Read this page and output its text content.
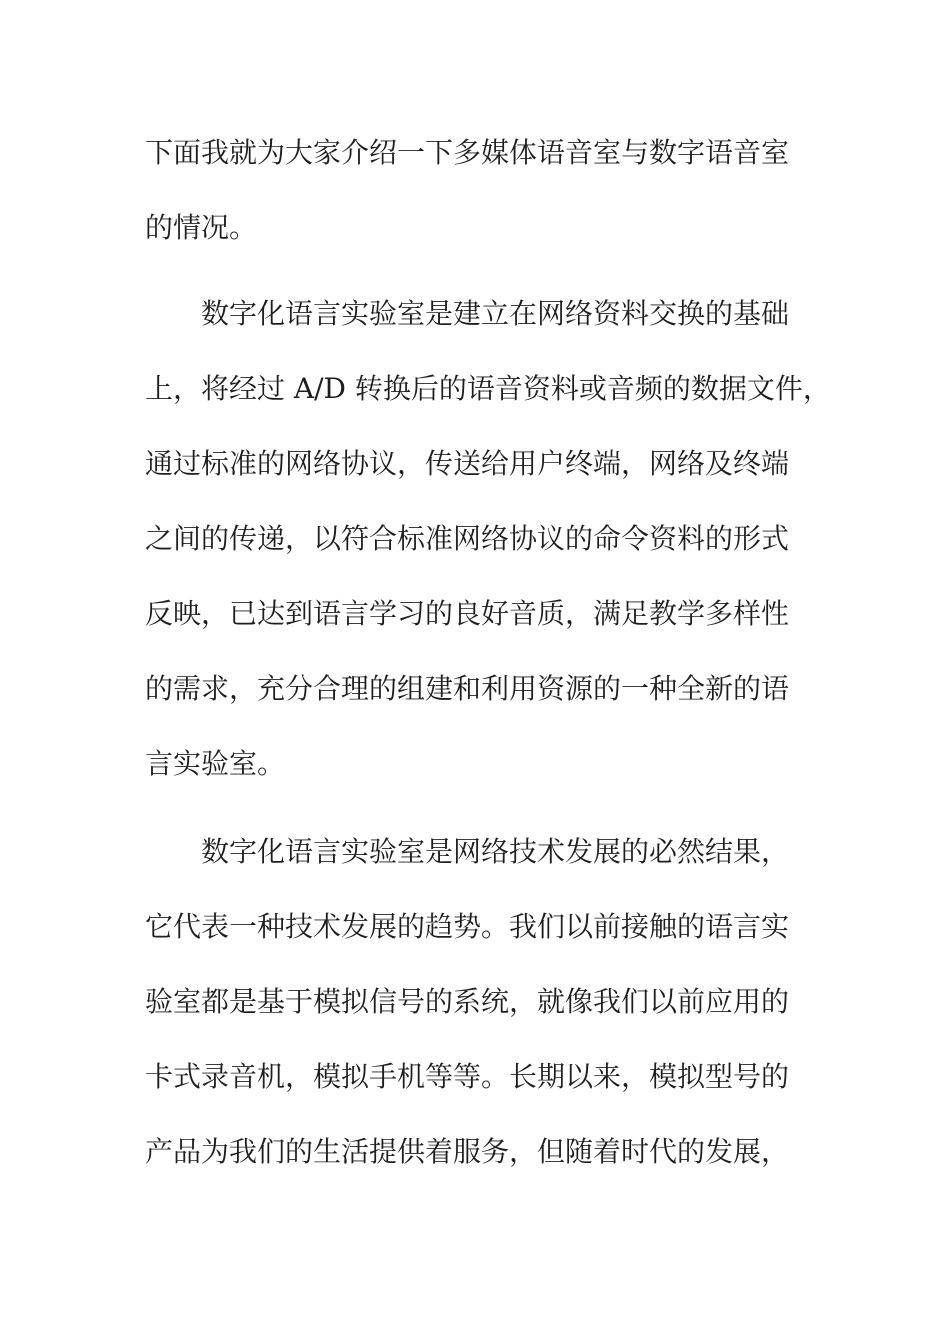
下面我就为大家介绍一下多媒体语音室与数字语音室
的情况。
数字化语言实验室是建立在网络资料交换的基础
上，将经过 A/D 转换后的语音资料或音频的数据文件，
通过标准的网络协议，传送给用户终端，网络及终端
之间的传递，以符合标准网络协议的命令资料的形式
反映，已达到语言学习的良好音质，满足教学多样性
的需求，充分合理的组建和利用资源的一种全新的语
言实验室。
数字化语言实验室是网络技术发展的必然结果，
它代表一种技术发展的趋势。我们以前接触的语言实
验室都是基于模拟信号的系统，就像我们以前应用的
卡式录音机，模拟手机等等。长期以来，模拟型号的
产品为我们的生活提供着服务，但随着时代的发展，
